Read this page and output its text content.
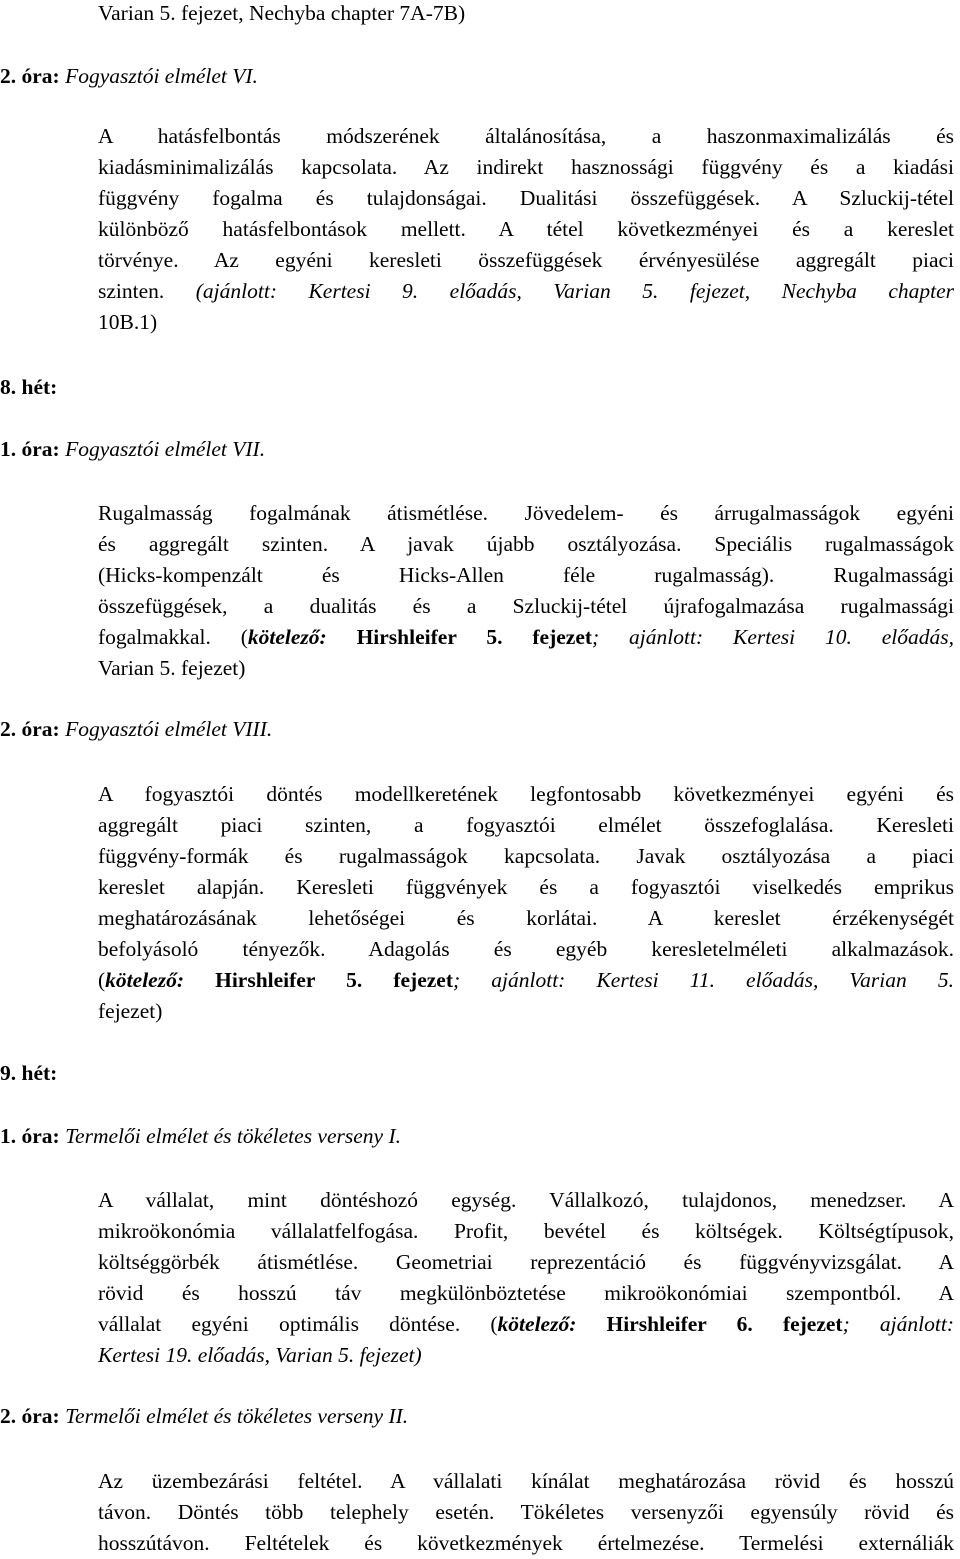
Varian 5. fejezet, Nechyba chapter 7A-7B)
2. óra: Fogyasztói elmélet VI.
A hatásfelbontás módszerének általánosítása, a haszonmaximalizálás és
kiadásminimalizálás kapcsolata. Az indirekt hasznossági függvény és a kiadási
függvény fogalma és tulajdonságai. Dualitási összefüggések. A Szluckij-tétel
különböző hatásfelbontások mellett. A tétel következményei és a kereslet
törvénye. Az egyéni keresleti összefüggések érvényesülése aggregált piaci
szinten. (ajánlott: Kertesi 9. előadás, Varian 5. fejezet, Nechyba chapter
10B.1)
8. hét:
1. óra: Fogyasztói elmélet VII.
Rugalmasság fogalmának átismétlése. Jövedelem- és árrugalmasságok egyéni
és aggregált szinten. A javak újabb osztályozása. Speciális rugalmasságok
(Hicks-kompenzált és Hicks-Allen féle rugalmasság). Rugalmassági
összefüggések, a dualitás és a Szluckij-tétel újrafogalmazása rugalmassági
fogalmakkal. (kötelező: Hirshleifer 5. fejezet; ajánlott: Kertesi 10. előadás,
Varian 5. fejezet)
2. óra: Fogyasztói elmélet VIII.
A fogyasztói döntés modellkeretének legfontosabb következményei egyéni és
aggregált piaci szinten, a fogyasztói elmélet összefoglalása. Keresleti
függvény-formák és rugalmasságok kapcsolata. Javak osztályozása a piaci
kereslet alapján. Keresleti függvények és a fogyasztói viselkedés emprikus
meghatározásának lehetőségei és korlátai. A kereslet érzékenységét
befolyásoló tényezők. Adagolás és egyéb keresletelméleti alkalmazások.
(kötelező: Hirshleifer 5. fejezet; ajánlott: Kertesi 11. előadás, Varian 5.
fejezet)
9. hét:
1. óra: Termelői elmélet és tökéletes verseny I.
A vállalat, mint döntéshozó egység. Vállalkozó, tulajdonos, menedzser. A
mikroökonómia vállalatfelfogása. Profit, bevétel és költségek. Költségtípusok,
költséggörbék átismétlése. Geometriai reprezentáció és függvényvizsgálat. A
rövid és hosszú táv megkülönböztetése mikroökonómiai szempontból. A
vállalat egyéni optimális döntése. (kötelező: Hirshleifer 6. fejezet; ajánlott:
Kertesi 19. előadás, Varian 5. fejezet)
2. óra: Termelői elmélet és tökéletes verseny II.
Az üzembezárási feltétel. A vállalati kínálat meghatározása rövid és hosszú
távon. Döntés több telephely esetén. Tökéletes versenyzői egyensúly rövid és
hosszútávon. Feltételek és következmények értelmezése. Termelési externáliák
